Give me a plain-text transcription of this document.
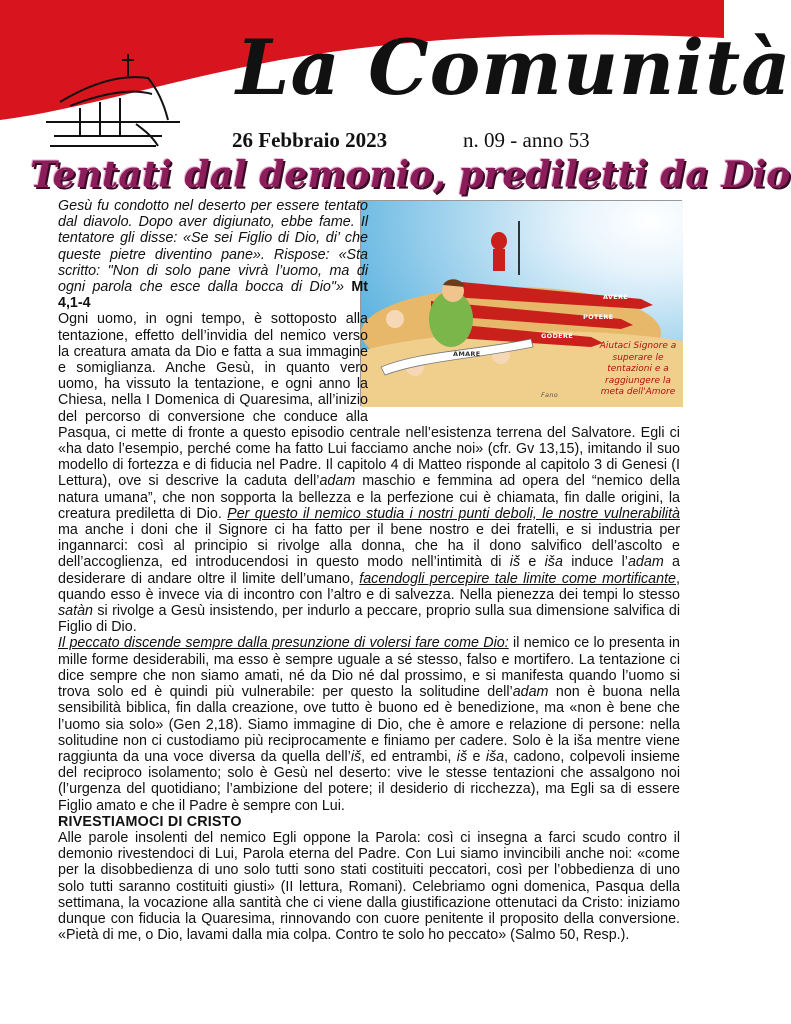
La Comunità
26 Febbraio 2023	n. 09 - anno 53
Tentati dal demonio, prediletti da Dio
AVERE
POTERE
GODERE
AMARE
Aiutaci Signore a superare le tentazioni e a raggiungere la meta dell'Amore
Fano

Gesù fu condotto nel deserto per essere tentato dal diavolo. Dopo aver digiunato, ebbe fame. Il tentatore gli disse: «Se sei Figlio di Dio, di’ che queste pietre diventino pane». Rispose: «Sta scritto: "Non di solo pane vivrà l’uomo, ma di ogni parola che esce dalla bocca di Dio"» Mt 4,1-4

Ogni uomo, in ogni tempo, è sottoposto alla tentazione, effetto dell’invidia del nemico verso la creatura amata da Dio e fatta a sua immagine e somiglianza. Anche Gesù, in quanto vero uomo, ha vissuto la tentazione, e ogni anno la Chiesa, nella I Domenica di Quaresima, all’inizio del percorso di conversione che conduce alla Pasqua, ci mette di fronte a questo episodio centrale nell’esistenza terrena del Salvatore. Egli ci «ha dato l’esempio, perché come ha fatto Lui facciamo anche noi» (cfr. Gv 13,15), imitando il suo modello di fortezza e di fiducia nel Padre. Il capitolo 4 di Matteo risponde al capitolo 3 di Genesi (I Lettura), ove si descrive la caduta dell’adam maschio e femmina ad opera del “nemico della natura umana”, che non sopporta la bellezza e la perfezione cui è chiamata, fin dalle origini, la creatura prediletta di Dio. Per questo il nemico studia i nostri punti deboli, le nostre vulnerabilità ma anche i doni che il Signore ci ha fatto per il bene nostro e dei fratelli, e si industria per ingannarci: così al principio si rivolge alla donna, che ha il dono salvifico dell’ascolto e dell’accoglienza, ed introducendosi in questo modo nell’intimità di iš e iša induce l’adam a desiderare di andare oltre il limite dell’umano, facendogli percepire tale limite come mortificante, quando esso è invece via di incontro con l’altro e di salvezza. Nella pienezza dei tempi lo stesso satàn si rivolge a Gesù insistendo, per indurlo a peccare, proprio sulla sua dimensione salvifica di Figlio di Dio.

Il peccato discende sempre dalla presunzione di volersi fare come Dio: il nemico ce lo presenta in mille forme desiderabili, ma esso è sempre uguale a sé stesso, falso e mortifero. La tentazione ci dice sempre che non siamo amati, né da Dio né dal prossimo, e si manifesta quando l’uomo si trova solo ed è quindi più vulnerabile: per questo la solitudine dell’adam non è buona nella sensibilità biblica, fin dalla creazione, ove tutto è buono ed è benedizione, ma «non è bene che l’uomo sia solo» (Gen 2,18). Siamo immagine di Dio, che è amore e relazione di persone: nella solitudine non ci custodiamo più reciprocamente e finiamo per cadere. Solo è la išа mentre viene raggiunta da una voce diversa da quella dell’iš, ed entrambi, iš e iša, cadono, colpevoli insieme del reciproco isolamento; solo è Gesù nel deserto: vive le stesse tentazioni che assalgono noi (l’urgenza del quotidiano; l’ambizione del potere; il desiderio di ricchezza), ma Egli sa di essere Figlio amato e che il Padre è sempre con Lui.

RIVESTIAMOCI DI CRISTO

Alle parole insolenti del nemico Egli oppone la Parola: così ci insegna a farci scudo contro il demonio rivestendoci di Lui, Parola eterna del Padre. Con Lui siamo invincibili anche noi: «come per la disobbedienza di uno solo tutti sono stati costituiti peccatori, così per l’obbedienza di uno solo tutti saranno costituiti giusti» (II lettura, Romani). Celebriamo ogni domenica, Pasqua della settimana, la vocazione alla santità che ci viene dalla giustificazione ottenutaci da Cristo: iniziamo dunque con fiducia la Quaresima, rinnovando con cuore penitente il proposito della conversione. «Pietà di me, o Dio, lavami dalla mia colpa. Contro te solo ho peccato» (Salmo 50, Resp.).
